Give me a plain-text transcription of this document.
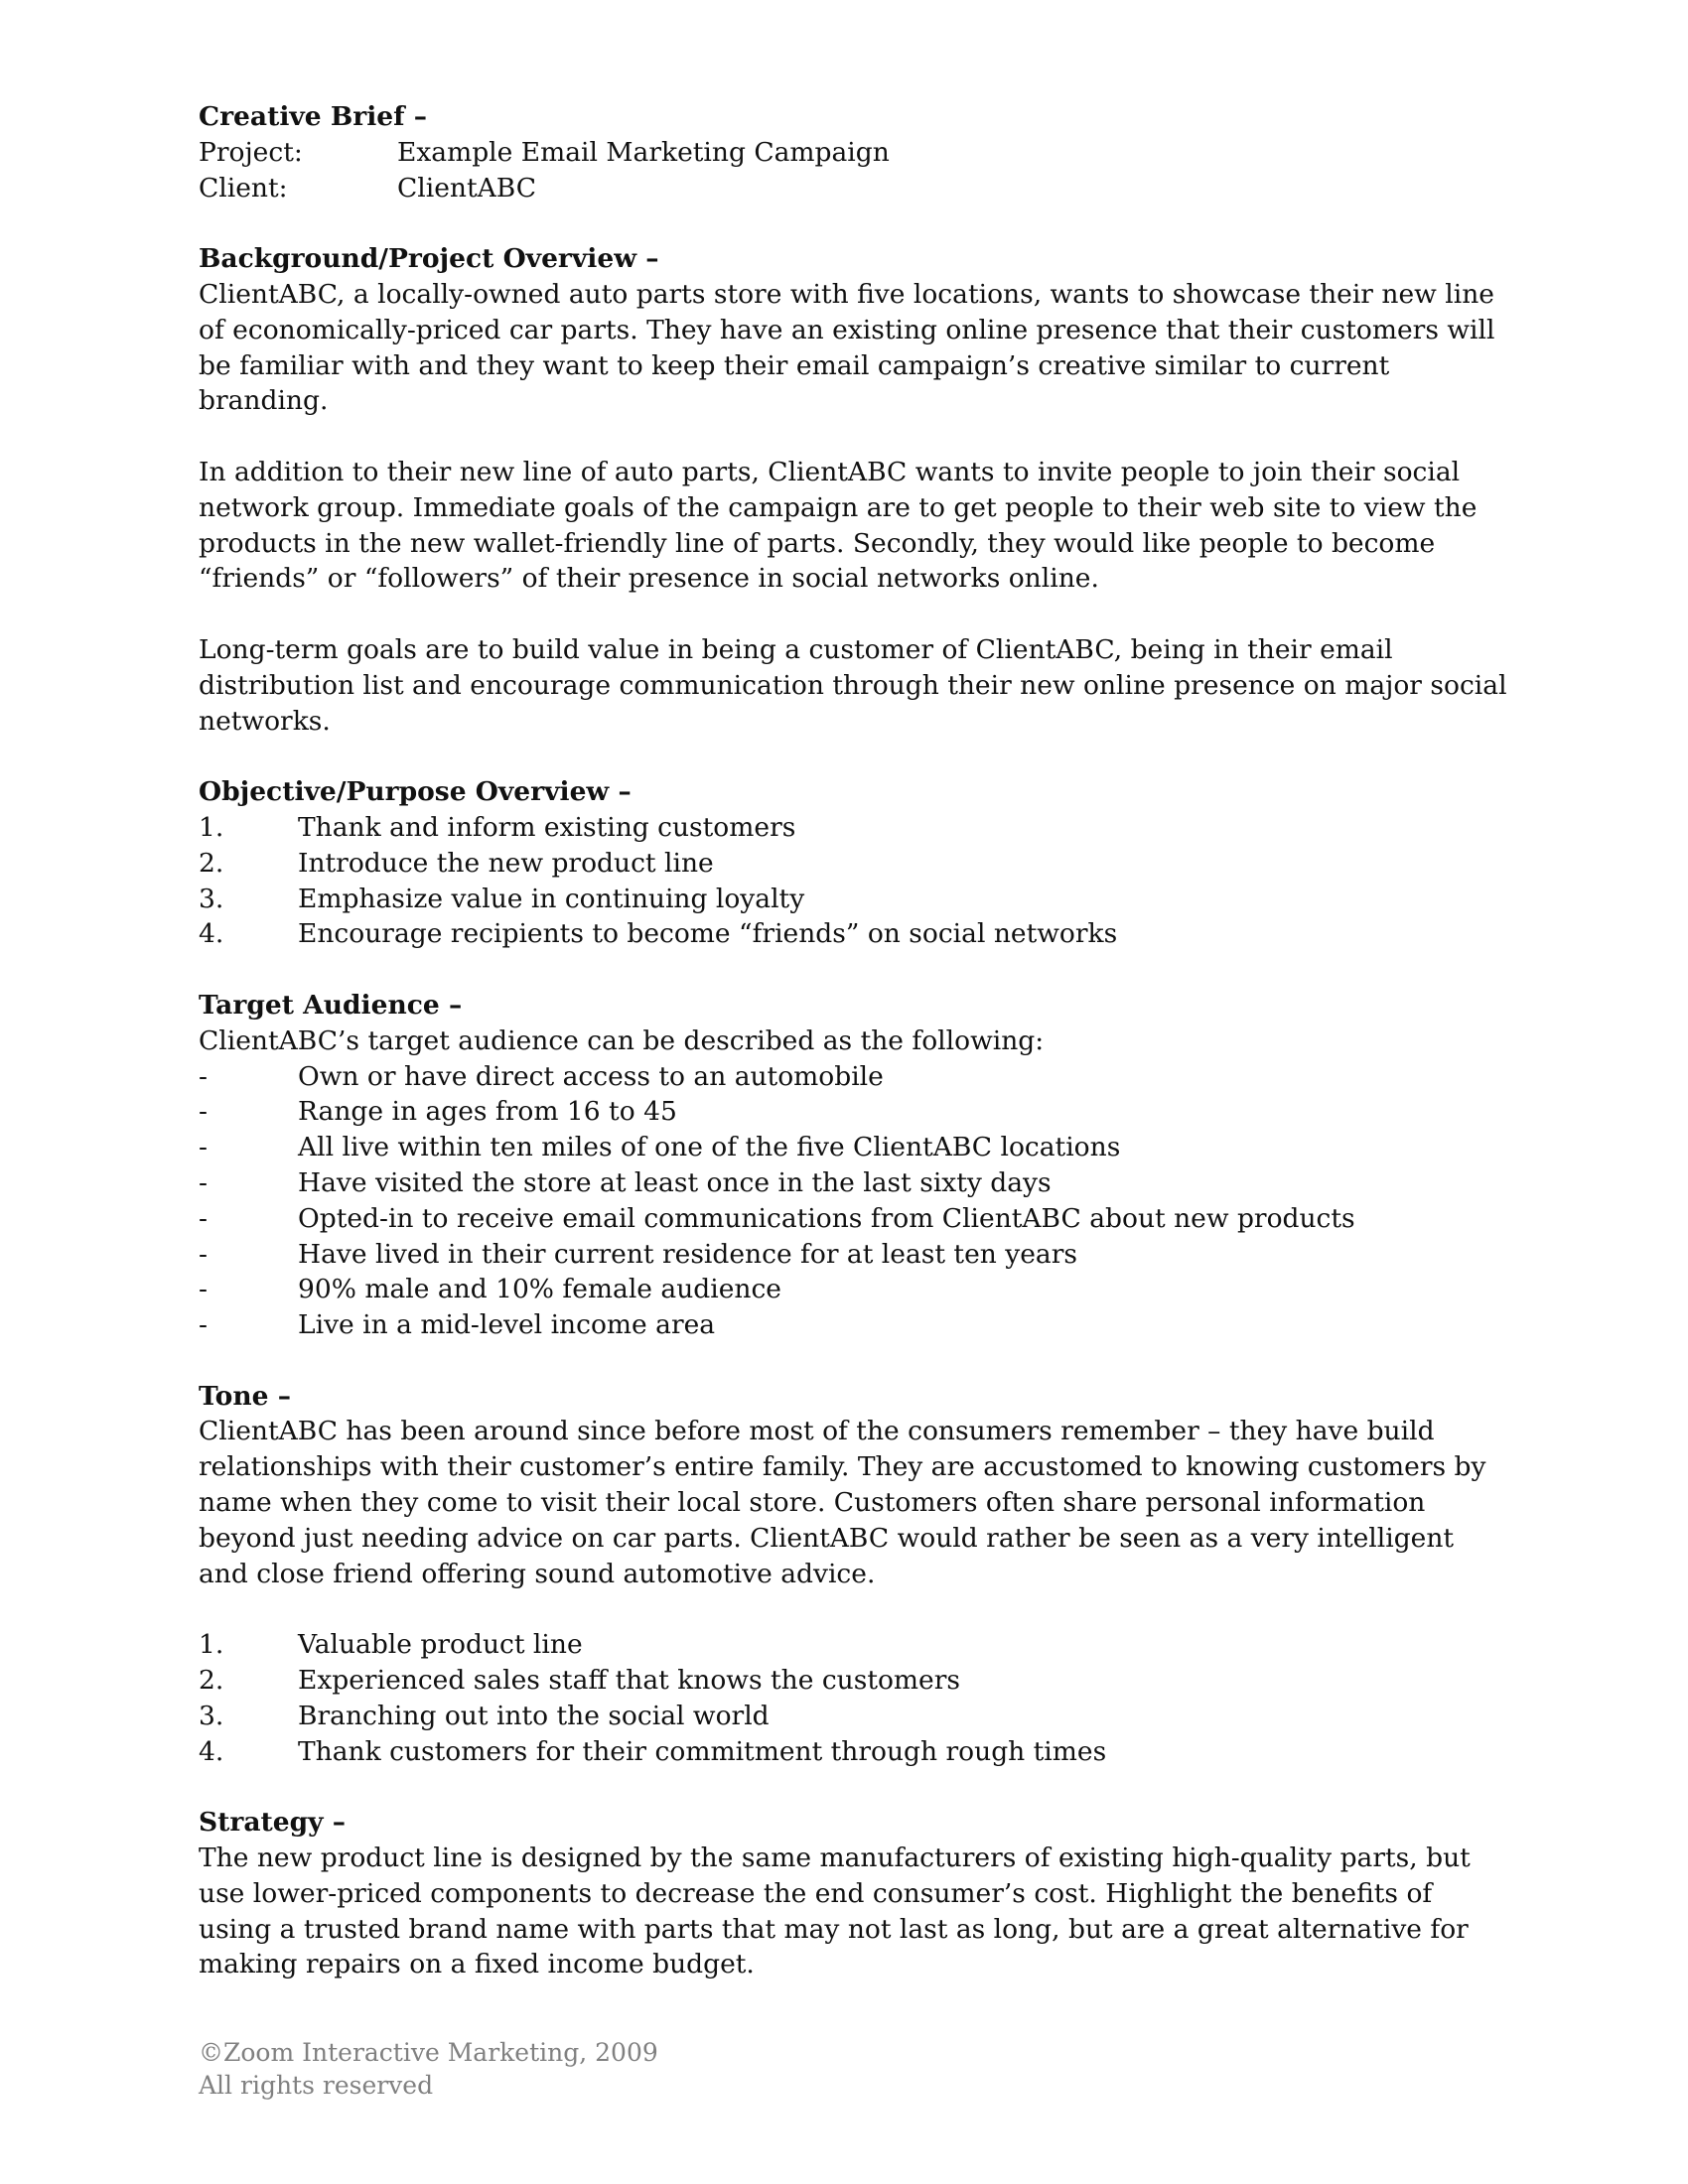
Creative Brief –
Project:	Example Email Marketing Campaign
Client:	ClientABC
Background/Project Overview –

ClientABC, a locally-owned auto parts store with five locations, wants to showcase their new line of economically-priced car parts. They have an existing online presence that their customers will be familiar with and they want to keep their email campaign’s creative similar to current branding.

In addition to their new line of auto parts, ClientABC wants to invite people to join their social network group. Immediate goals of the campaign are to get people to their web site to view the products in the new wallet-friendly line of parts. Secondly, they would like people to become “friends” or “followers” of their presence in social networks online.

Long-term goals are to build value in being a customer of ClientABC, being in their email distribution list and encourage communication through their new online presence on major social networks.

Objective/Purpose Overview –
1.	Thank and inform existing customers
2.	Introduce the new product line
3.	Emphasize value in continuing loyalty
4.	Encourage recipients to become “friends” on social networks
Target Audience –

ClientABC’s target audience can be described as the following:

-	Own or have direct access to an automobile
-	Range in ages from 16 to 45
-	All live within ten miles of one of the five ClientABC locations
-	Have visited the store at least once in the last sixty days
-	Opted-in to receive email communications from ClientABC about new products
-	Have lived in their current residence for at least ten years
-	90% male and 10% female audience
-	Live in a mid-level income area
Tone –

ClientABC has been around since before most of the consumers remember – they have build relationships with their customer’s entire family. They are accustomed to knowing customers by name when they come to visit their local store. Customers often share personal information beyond just needing advice on car parts. ClientABC would rather be seen as a very intelligent and close friend offering sound automotive advice.

1.	Valuable product line
2.	Experienced sales staff that knows the customers
3.	Branching out into the social world
4.	Thank customers for their commitment through rough times
Strategy –

The new product line is designed by the same manufacturers of existing high-quality parts, but use lower-priced components to decrease the end consumer’s cost. Highlight the benefits of using a trusted brand name with parts that may not last as long, but are a great alternative for making repairs on a fixed income budget.

©Zoom Interactive Marketing, 2009
All rights reserved
